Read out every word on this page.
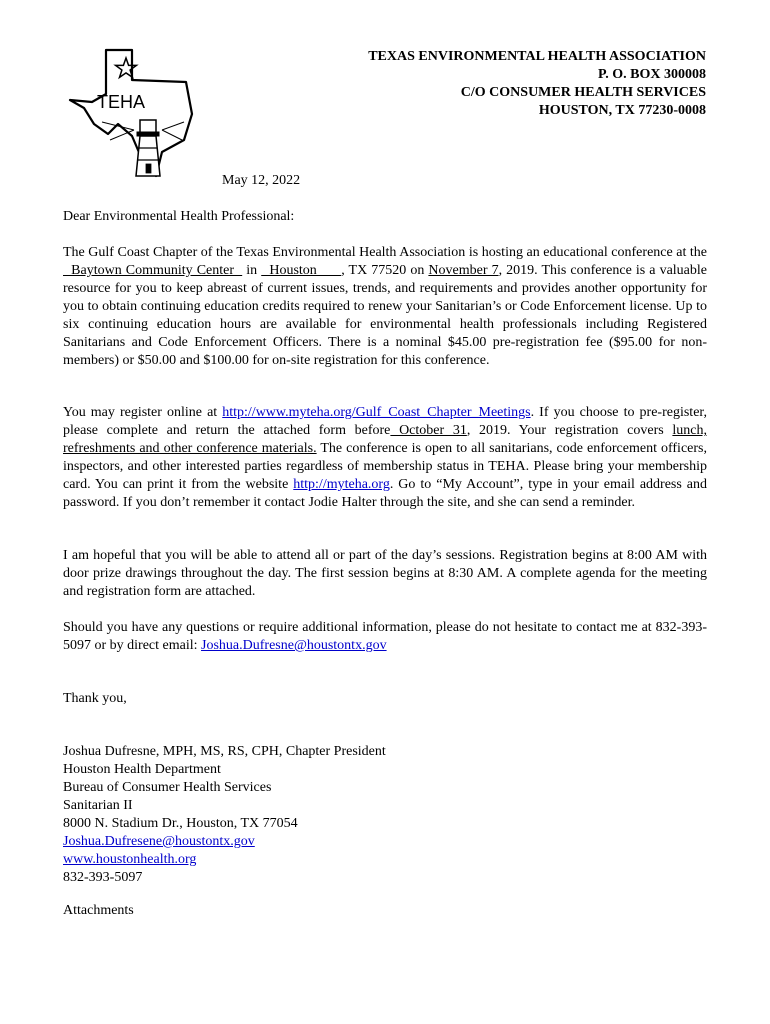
TEHA
TEXAS ENVIRONMENTAL HEALTH ASSOCIATION
P. O. BOX 300008
C/O CONSUMER HEALTH SERVICES
HOUSTON, TX 77230-0008
May 12, 2022
Dear Environmental Health Professional:
The Gulf Coast Chapter of the Texas Environmental Health Association is hosting an educational conference at the   Baytown Community Center   in   Houston      , TX 77520 on November 7, 2019. This conference is a valuable resource for you to keep abreast of current issues, trends, and requirements and provides another opportunity for you to obtain continuing education credits required to renew your Sanitarian’s or Code Enforcement license. Up to six continuing education hours are available for environmental health professionals including Registered Sanitarians and Code Enforcement Officers. There is a nominal $45.00 pre-registration fee ($95.00 for non-members) or $50.00 and $100.00 for on-site registration for this conference.
You may register online at http://www.myteha.org/Gulf_Coast_Chapter_Meetings. If you choose to pre-register, please complete and return the attached form before October 31, 2019. Your registration covers lunch, refreshments and other conference materials. The conference is open to all sanitarians, code enforcement officers, inspectors, and other interested parties regardless of membership status in TEHA. Please bring your membership card. You can print it from the website http://myteha.org. Go to “My Account”, type in your email address and password. If you don’t remember it contact Jodie Halter through the site, and she can send a reminder.
I am hopeful that you will be able to attend all or part of the day’s sessions. Registration begins at 8:00 AM with door prize drawings throughout the day. The first session begins at 8:30 AM. A complete agenda for the meeting and registration form are attached.
Should you have any questions or require additional information, please do not hesitate to contact me at 832-393-5097 or by direct email: Joshua.Dufresne@houstontx.gov
Thank you,
Joshua Dufresne, MPH, MS, RS, CPH, Chapter President
Houston Health Department
Bureau of Consumer Health Services
Sanitarian II
8000 N. Stadium Dr., Houston, TX 77054
Joshua.Dufresene@houstontx.gov
www.houstonhealth.org
832-393-5097
Attachments
